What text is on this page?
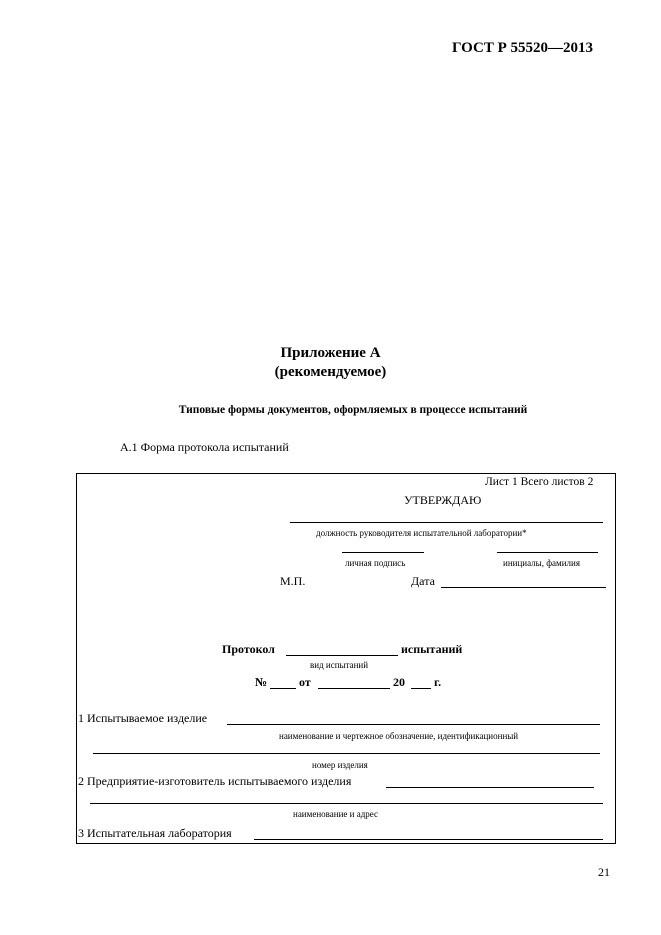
ГОСТ Р 55520—2013
Приложение А
(рекомендуемое)
Типовые формы документов, оформляемых в процессе испытаний
А.1 Форма протокола испытаний
Лист 1 Всего листов 2
УТВЕРЖДАЮ
должность руководителя испытательной лаборатории*
личная подпись	инициалы, фамилия
М.П.	Дата
Протокол	испытаний
вид испытаний
№	от	20 г.
1 Испытываемое изделие
наименование и чертежное обозначение, идентификационный
номер изделия
2 Предприятие-изготовитель испытываемого изделия
наименование и адрес
3 Испытательная лаборатория
21
